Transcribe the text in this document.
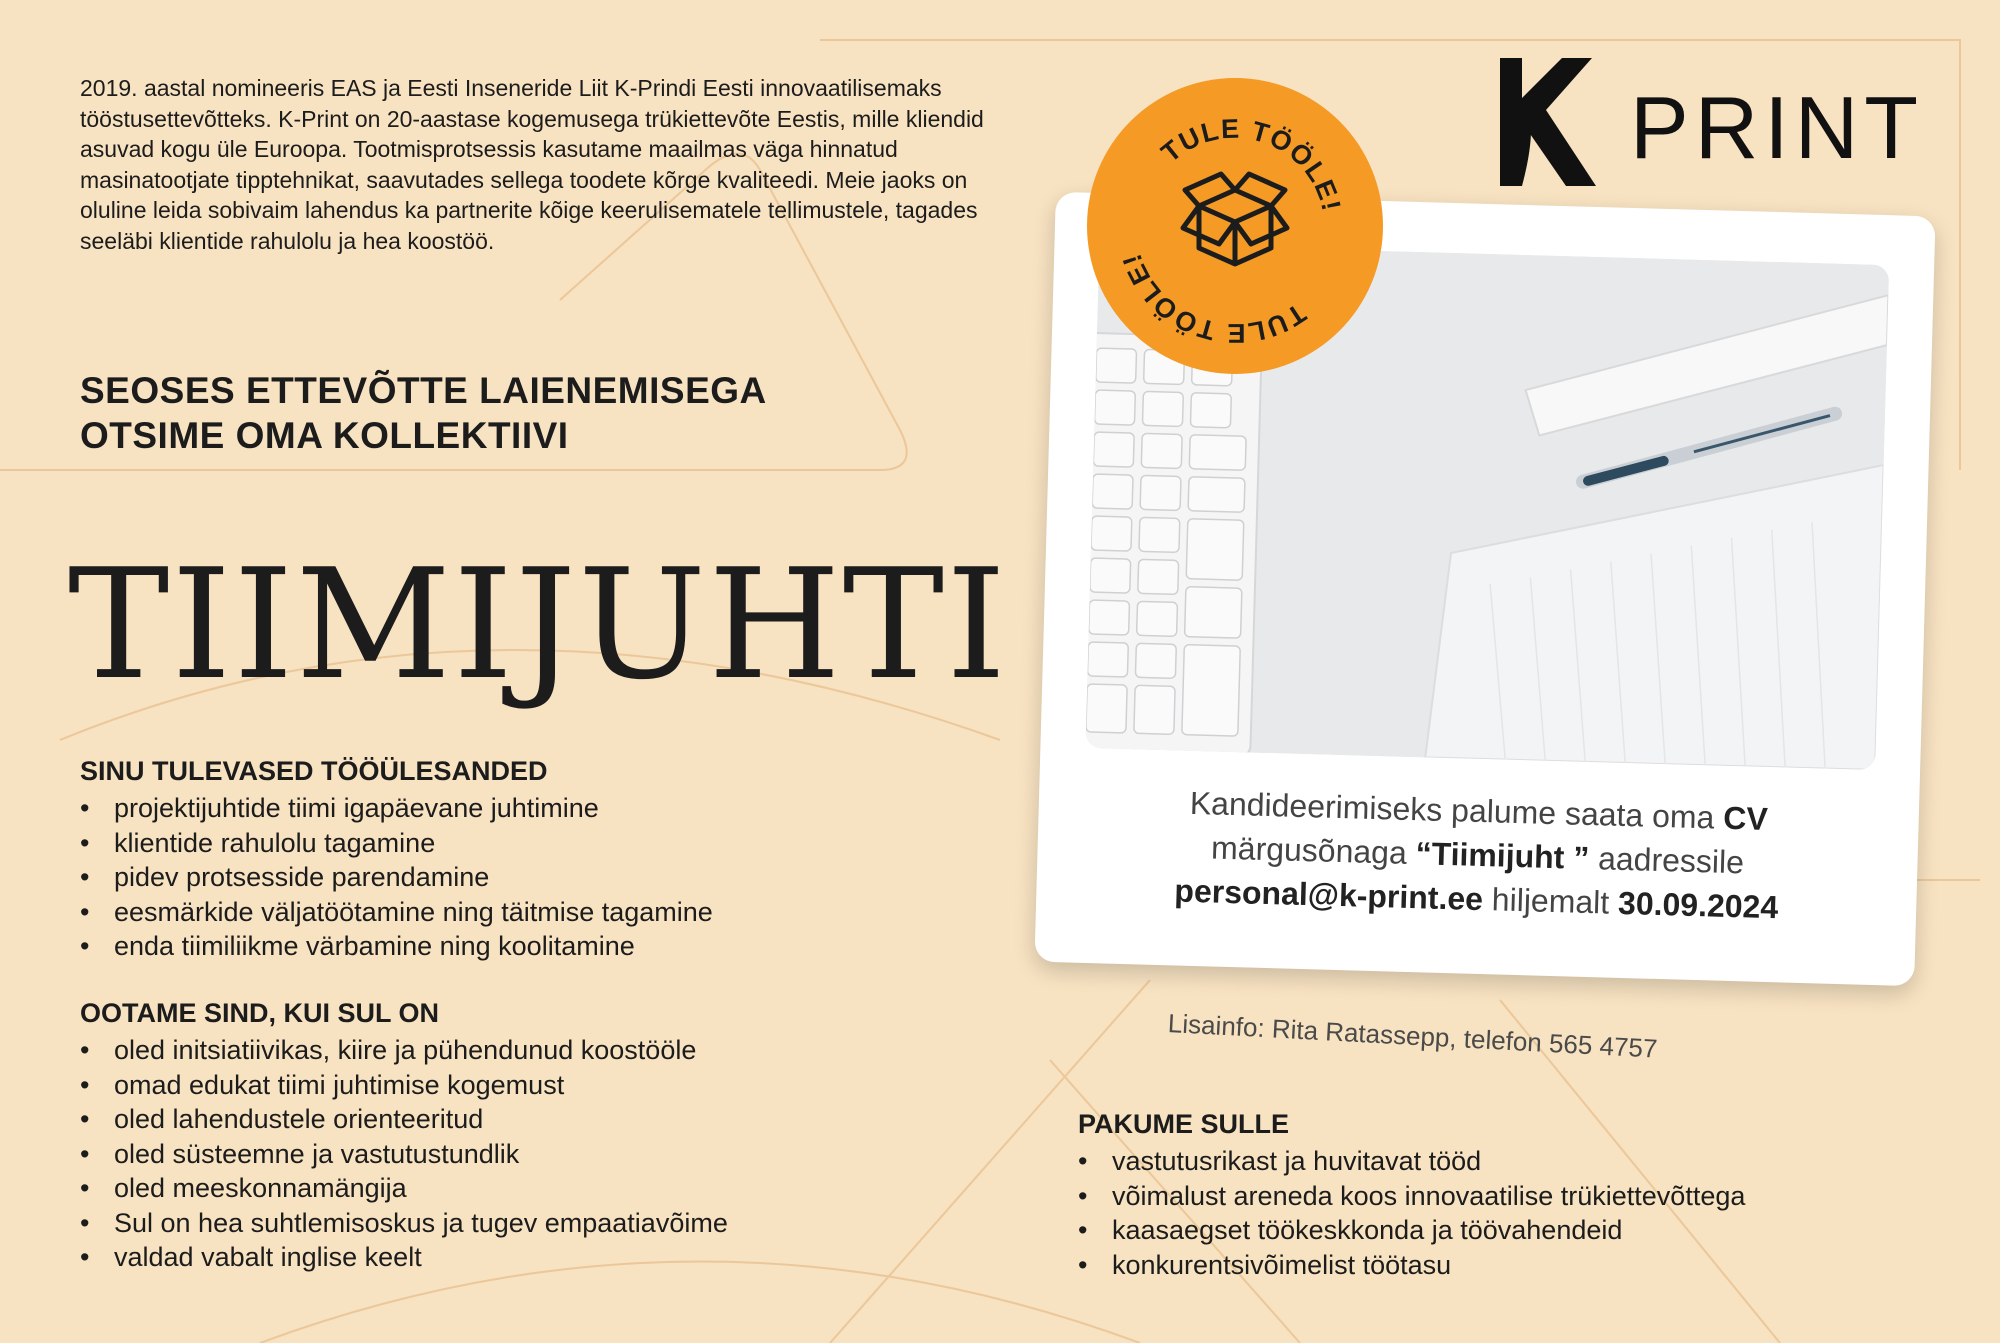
2019. aastal nomineeris EAS ja Eesti Inseneride Liit K-Prindi Eesti innovaatilisemaks tööstusettevõtteks. K-Print on 20-aastase kogemusega trükiettevõte Eestis, mille kliendid asuvad kogu üle Euroopa. Tootmisprotsessis kasutame maailmas väga hinnatud masinatootjate tipptehnikat, saavutades sellega toodete kõrge kvaliteedi. Meie jaoks on oluline leida sobivaim lahendus ka partnerite kõige keerulisematele tellimustele, tagades seeläbi klientide rahulolu ja hea koostöö.

SEOSES ETTEVÕTTE LAIENEMISEGA
OTSIME OMA KOLLEKTIIVI
TIIMIJUHTI
SINU TULEVASED TÖÖÜLESANDED
• projektijuhtide tiimi igapäevane juhtimine
• klientide rahulolu tagamine
• pidev protsesside parendamine
• eesmärkide väljatöötamine ning täitmise tagamine
• enda tiimiliikme värbamine ning koolitamine
OOTAME SIND, KUI SUL ON
• oled initsiatiivikas, kiire ja pühendunud koostööle
• omad edukat tiimi juhtimise kogemust
• oled lahendustele orienteeritud
• oled süsteemne ja vastutustundlik
• oled meeskonnamängija
• Sul on hea suhtlemisoskus ja tugev empaatiavõime
• valdad vabalt inglise keelt

Kandideerimiseks palume saata oma CV
märgusõnaga “Tiimijuht ” aadressile
personal@k-print.ee hiljemalt 30.09.2024

Lisainfo: Rita Ratassepp, telefon 565 4757

PAKUME SULLE
• vastutusrikast ja huvitavat tööd
• võimalust areneda koos innovaatilise trükiettevõttega
• kaasaegset töökeskkonda ja töövahendeid
• konkurentsivõimelist töötasu
TULE TÖÖLE!
TULE TÖÖLE!

PRINT
